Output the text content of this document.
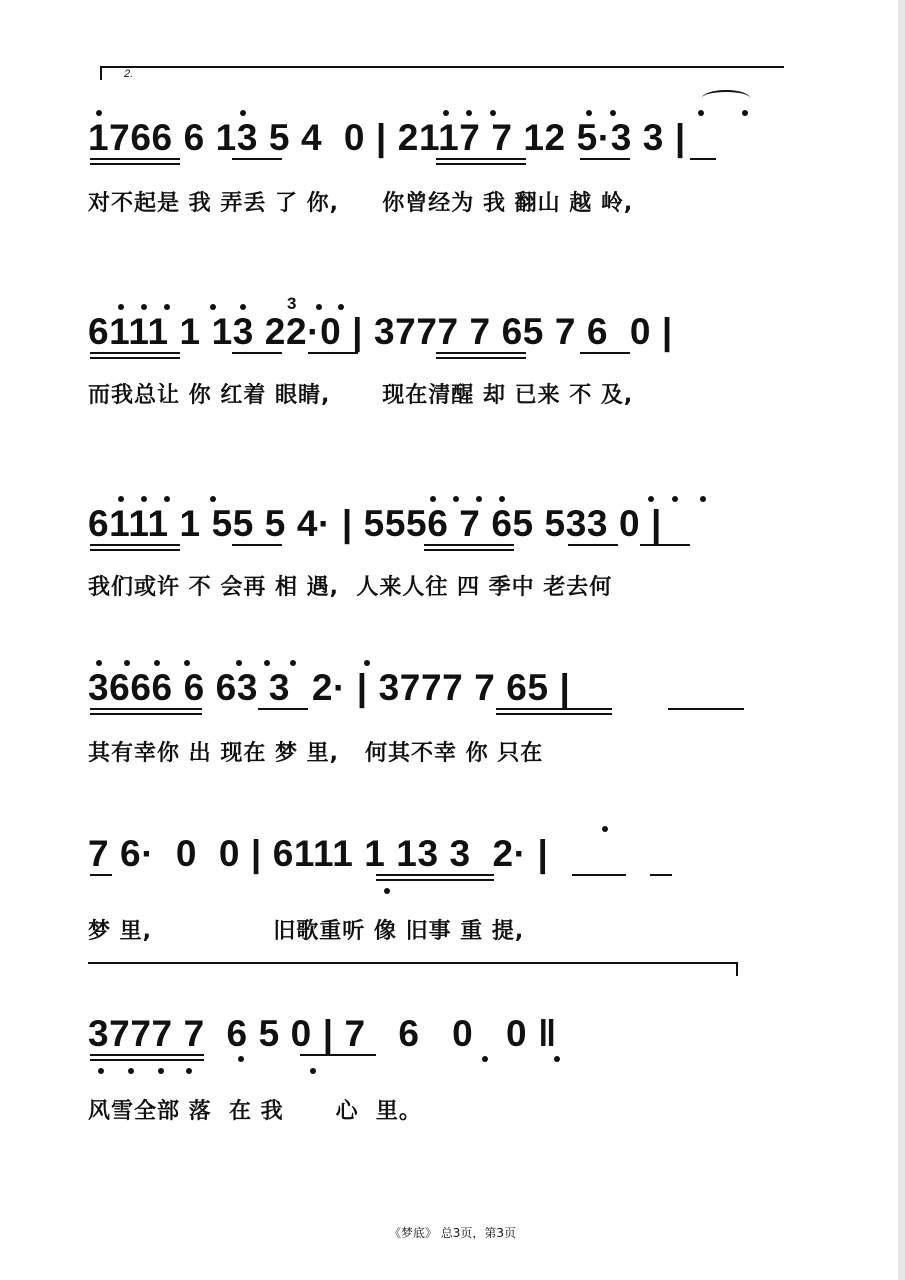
2.
1766 6 13 5 4  0 | 2117 7 12 5·3 3 |
对不起是 我 弄丢 了 你,     你曾经为 我 翻山 越 岭,
6111 1 13 22·0 | 3777 7 65 7 6  0 |
而我总让 你 红着 眼睛,      现在清醒 却 已来 不 及,
3
6111 1 55 5 4· | 5556 7 65 533 0 |
我们或许 不 会再 相 遇,  人来人往 四 季中 老去何
3666 6 63 3  2· | 3777 7 65 |
其有幸你 出 现在 梦 里,   何其不幸 你 只在
7 6·  0  0 | 6111 1 13 3  2· |
梦 里,              旧歌重听 像 旧事 重 提,
3777 7  6 5 0 | 7   6   0   0 ‖
风雪全部 落  在 我      心  里。
《梦底》 总3页，第3页
